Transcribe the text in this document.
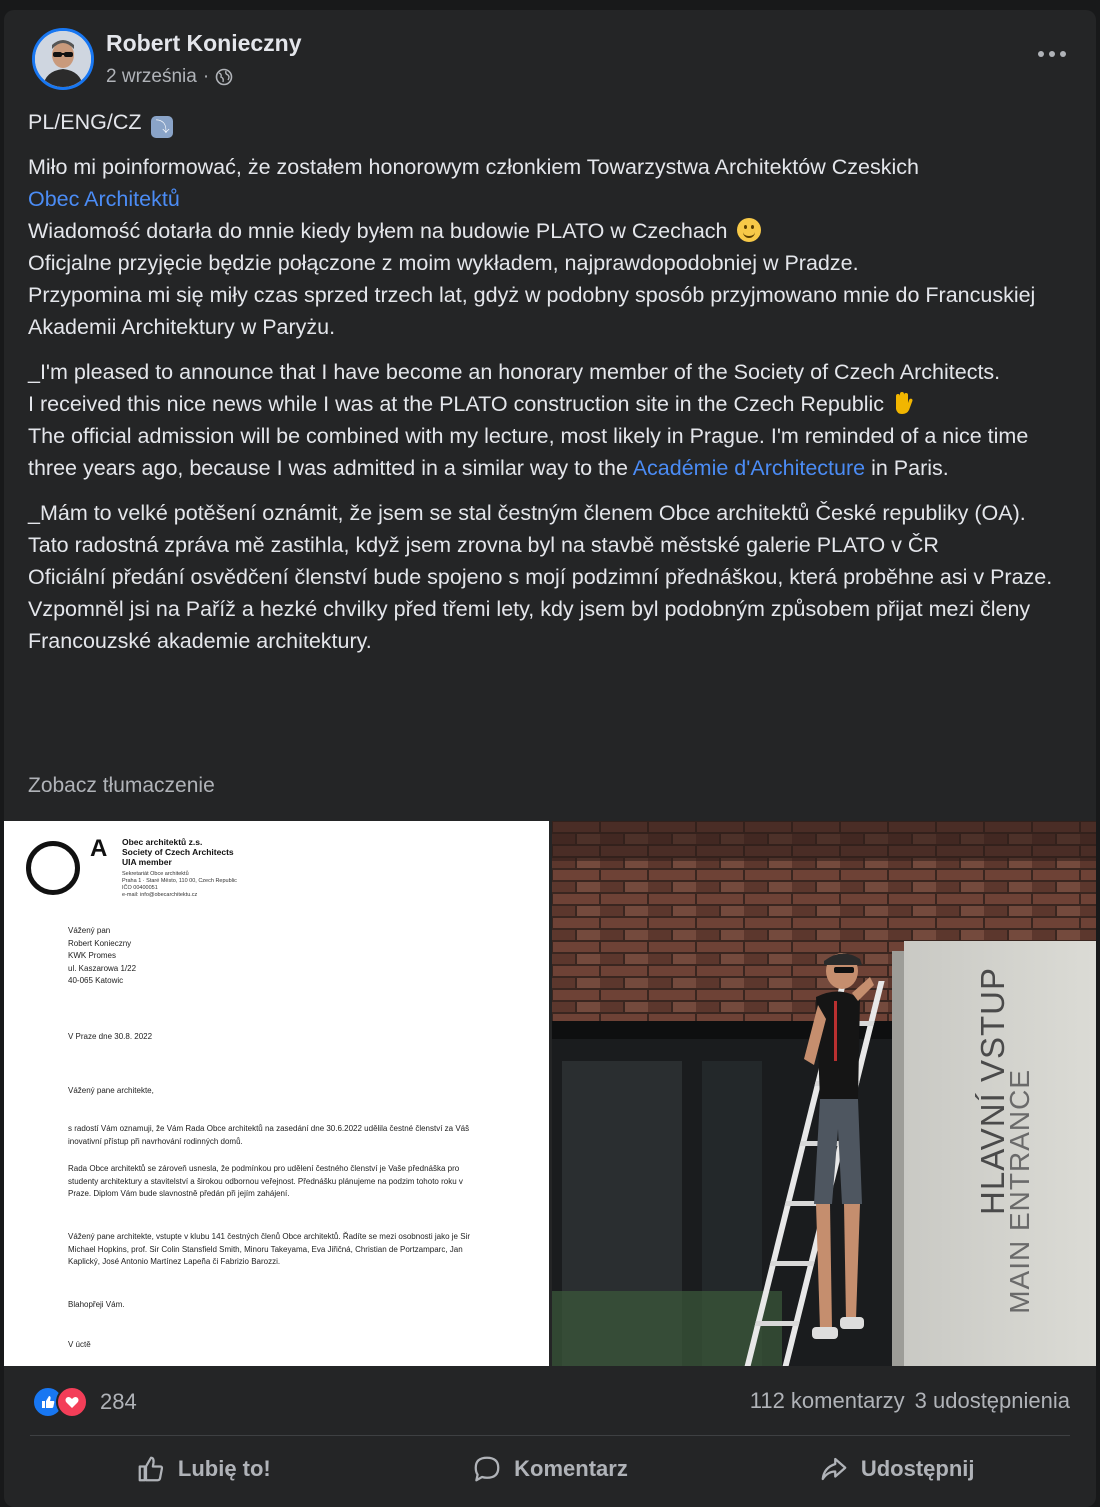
Robert Konieczny
2 września ·

PL/ENG/CZ ⤵

Miło mi poinformować, że zostałem honorowym członkiem Towarzystwa Architektów Czeskich
Obec Architektů
Wiadomość dotarła do mnie kiedy byłem na budowie PLATO w Czechach

Oficjalne przyjęcie będzie połączone z moim wykładem, najprawdopodobniej w Pradze.
Przypomina mi się miły czas sprzed trzech lat, gdyż w podobny sposób przyjmowano mnie do Francuskiej Akademii Architektury w Paryżu.

_I'm pleased to announce that I have become an honorary member of the Society of Czech Architects.
I received this nice news while I was at the PLATO construction site in the Czech Republic
The official admission will be combined with my lecture, most likely in Prague. I'm reminded of a nice time three years ago, because I was admitted in a similar way to the Académie d'Architecture in Paris.

_Mám to velké potěšení oznámit, že jsem se stal čestným členem Obce architektů České republiky (OA).
Tato radostná zpráva mě zastihla, když jsem zrovna byl na stavbě městské galerie PLATO v ČR
Oficiální předání osvědčení členství bude spojeno s mojí podzimní přednáškou, která proběhne asi v Praze. Vzpomněl jsi na Paříž a hezké chvilky před třemi lety, kdy jsem byl podobným způsobem přijat mezi členy Francouzské akademie architektury.

Zobacz tłumaczenie
A Obec architektů z.s.
Society of Czech Architects
UIA member
Sekretariát Obce architektů
Praha 1 · Staré Město, 110 00, Czech Republic
IČO 00400051
e-mail: info@obecarchitektu.cz
Vážený pan
Robert Konieczny
KWK Promes
ul. Kaszarowa 1/22
40-065 Katowic
V Praze dne 30.8. 2022
Vážený pane architekte,
s radostí Vám oznamuji, že Vám Rada Obce architektů na zasedání dne 30.6.2022 udělila čestné členství za Váš inovativní přístup při navrhování rodinných domů.
Rada Obce architektů se zároveň usnesla, že podmínkou pro udělení čestného členství je Vaše přednáška pro studenty architektury a stavitelství a širokou odbornou veřejnost. Přednášku plánujeme na podzim tohoto roku v Praze. Diplom Vám bude slavnostně předán při jejím zahájení.
Vážený pane architekte, vstupte v klubu 141 čestných členů Obce architektů. Řadíte se mezi osobnosti jako je Sir Michael Hopkins, prof. Sir Colin Stansfield Smith, Minoru Takeyama, Eva Jiřičná, Christian de Portzamparc, Jan Kaplický, José Antonio Martínez Lapeña či Fabrizio Barozzi.
Blahopřeji Vám.
V úctě
HLAVNÍ VSTUP
MAIN ENTRANCE
284	112 komentarzy 3 udostępnienia
Lubię to!	Komentarz	Udostępnij
